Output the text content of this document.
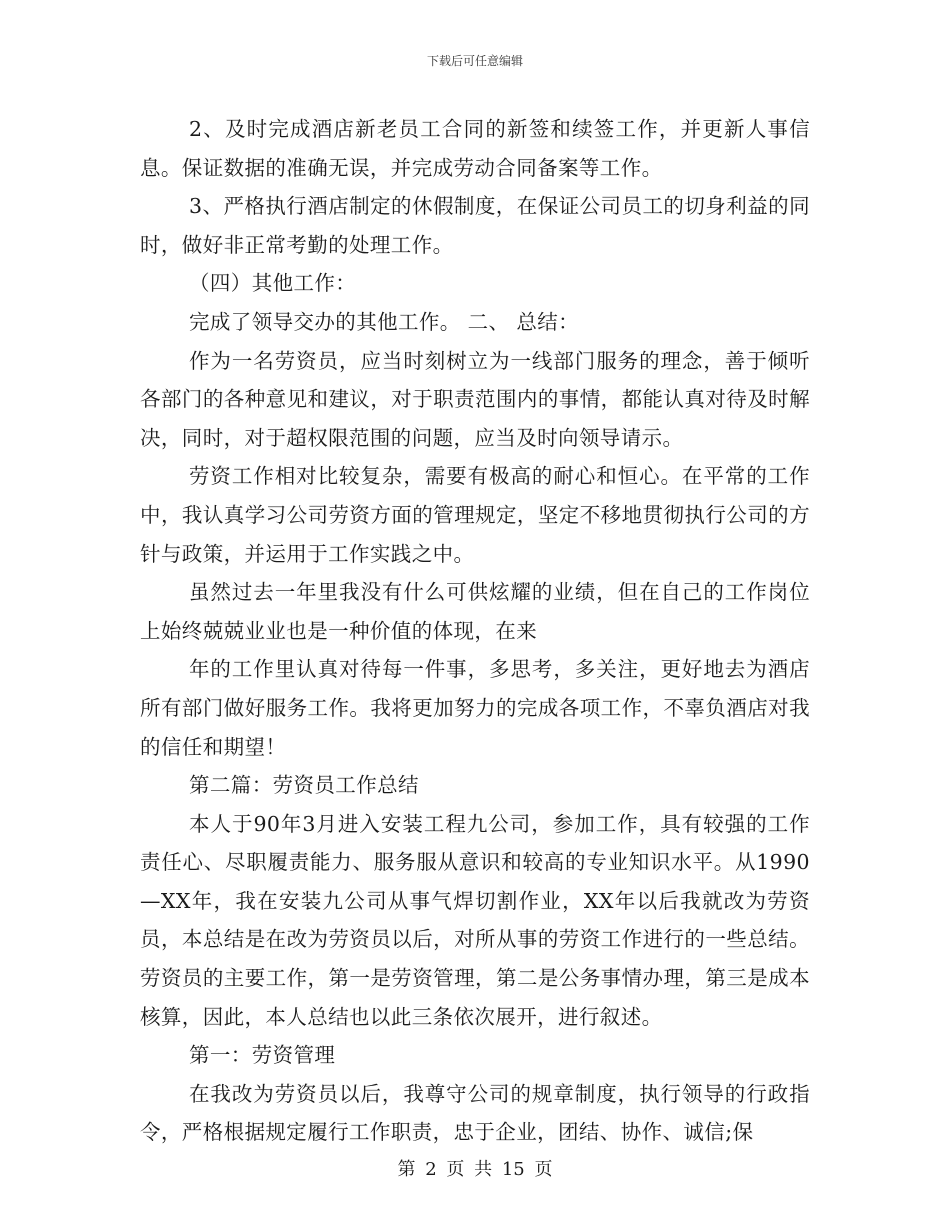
下载后可任意编辑

2、及时完成酒店新老员工合同的新签和续签工作，并更新人事信息。保证数据的准确无误，并完成劳动合同备案等工作。

3、严格执行酒店制定的休假制度，在保证公司员工的切身利益的同时，做好非正常考勤的处理工作。

（四）其他工作：

完成了领导交办的其他工作。 二、 总结：

作为一名劳资员，应当时刻树立为一线部门服务的理念，善于倾听各部门的各种意见和建议，对于职责范围内的事情，都能认真对待及时解决，同时，对于超权限范围的问题，应当及时向领导请示。

劳资工作相对比较复杂，需要有极高的耐心和恒心。在平常的工作中，我认真学习公司劳资方面的管理规定，坚定不移地贯彻执行公司的方针与政策，并运用于工作实践之中。

虽然过去一年里我没有什么可供炫耀的业绩，但在自己的工作岗位上始终兢兢业业也是一种价值的体现，在来

年的工作里认真对待每一件事，多思考，多关注，更好地去为酒店所有部门做好服务工作。我将更加努力的完成各项工作，不辜负酒店对我的信任和期望！

第二篇：劳资员工作总结

本人于90年3月进入安装工程九公司，参加工作，具有较强的工作责任心、尽职履责能力、服务服从意识和较高的专业知识水平。从1990—XX年，我在安装九公司从事气焊切割作业，XX年以后我就改为劳资员，本总结是在改为劳资员以后，对所从事的劳资工作进行的一些总结。劳资员的主要工作，第一是劳资管理，第二是公务事情办理，第三是成本核算，因此，本人总结也以此三条依次展开，进行叙述。

第一：劳资管理

在我改为劳资员以后，我尊守公司的规章制度，执行领导的行政指令，严格根据规定履行工作职责，忠于企业，团结、协作、诚信;保

第 2 页 共 15 页
